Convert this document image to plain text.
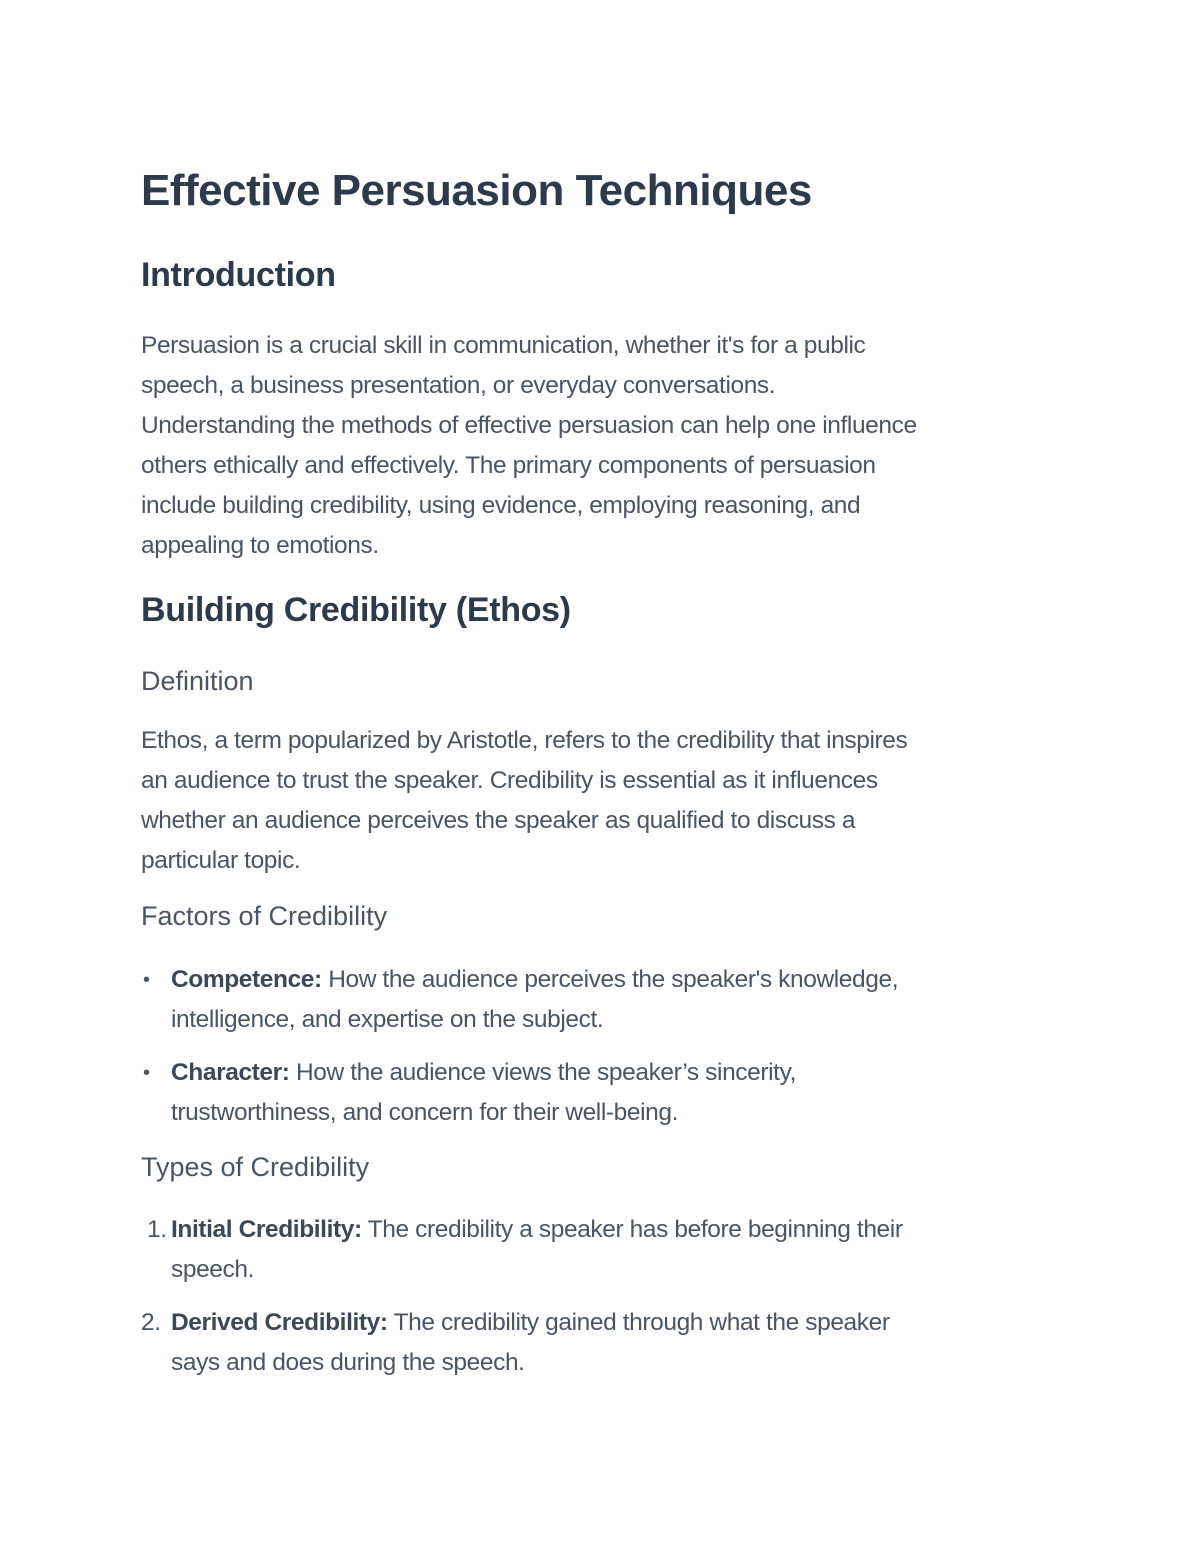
Effective Persuasion Techniques
Introduction

Persuasion is a crucial skill in communication, whether it's for a public
speech, a business presentation, or everyday conversations.
Understanding the methods of effective persuasion can help one influence
others ethically and effectively. The primary components of persuasion
include building credibility, using evidence, employing reasoning, and
appealing to emotions.

Building Credibility (Ethos)
Definition

Ethos, a term popularized by Aristotle, refers to the credibility that inspires
an audience to trust the speaker. Credibility is essential as it influences
whether an audience perceives the speaker as qualified to discuss a
particular topic.

Factors of Credibility
• Competence: How the audience perceives the speaker's knowledge,
intelligence, and expertise on the subject.
• Character: How the audience views the speaker’s sincerity,
trustworthiness, and concern for their well-being.
Types of Credibility
1. Initial Credibility: The credibility a speaker has before beginning their
speech.
2. Derived Credibility: The credibility gained through what the speaker
says and does during the speech.
